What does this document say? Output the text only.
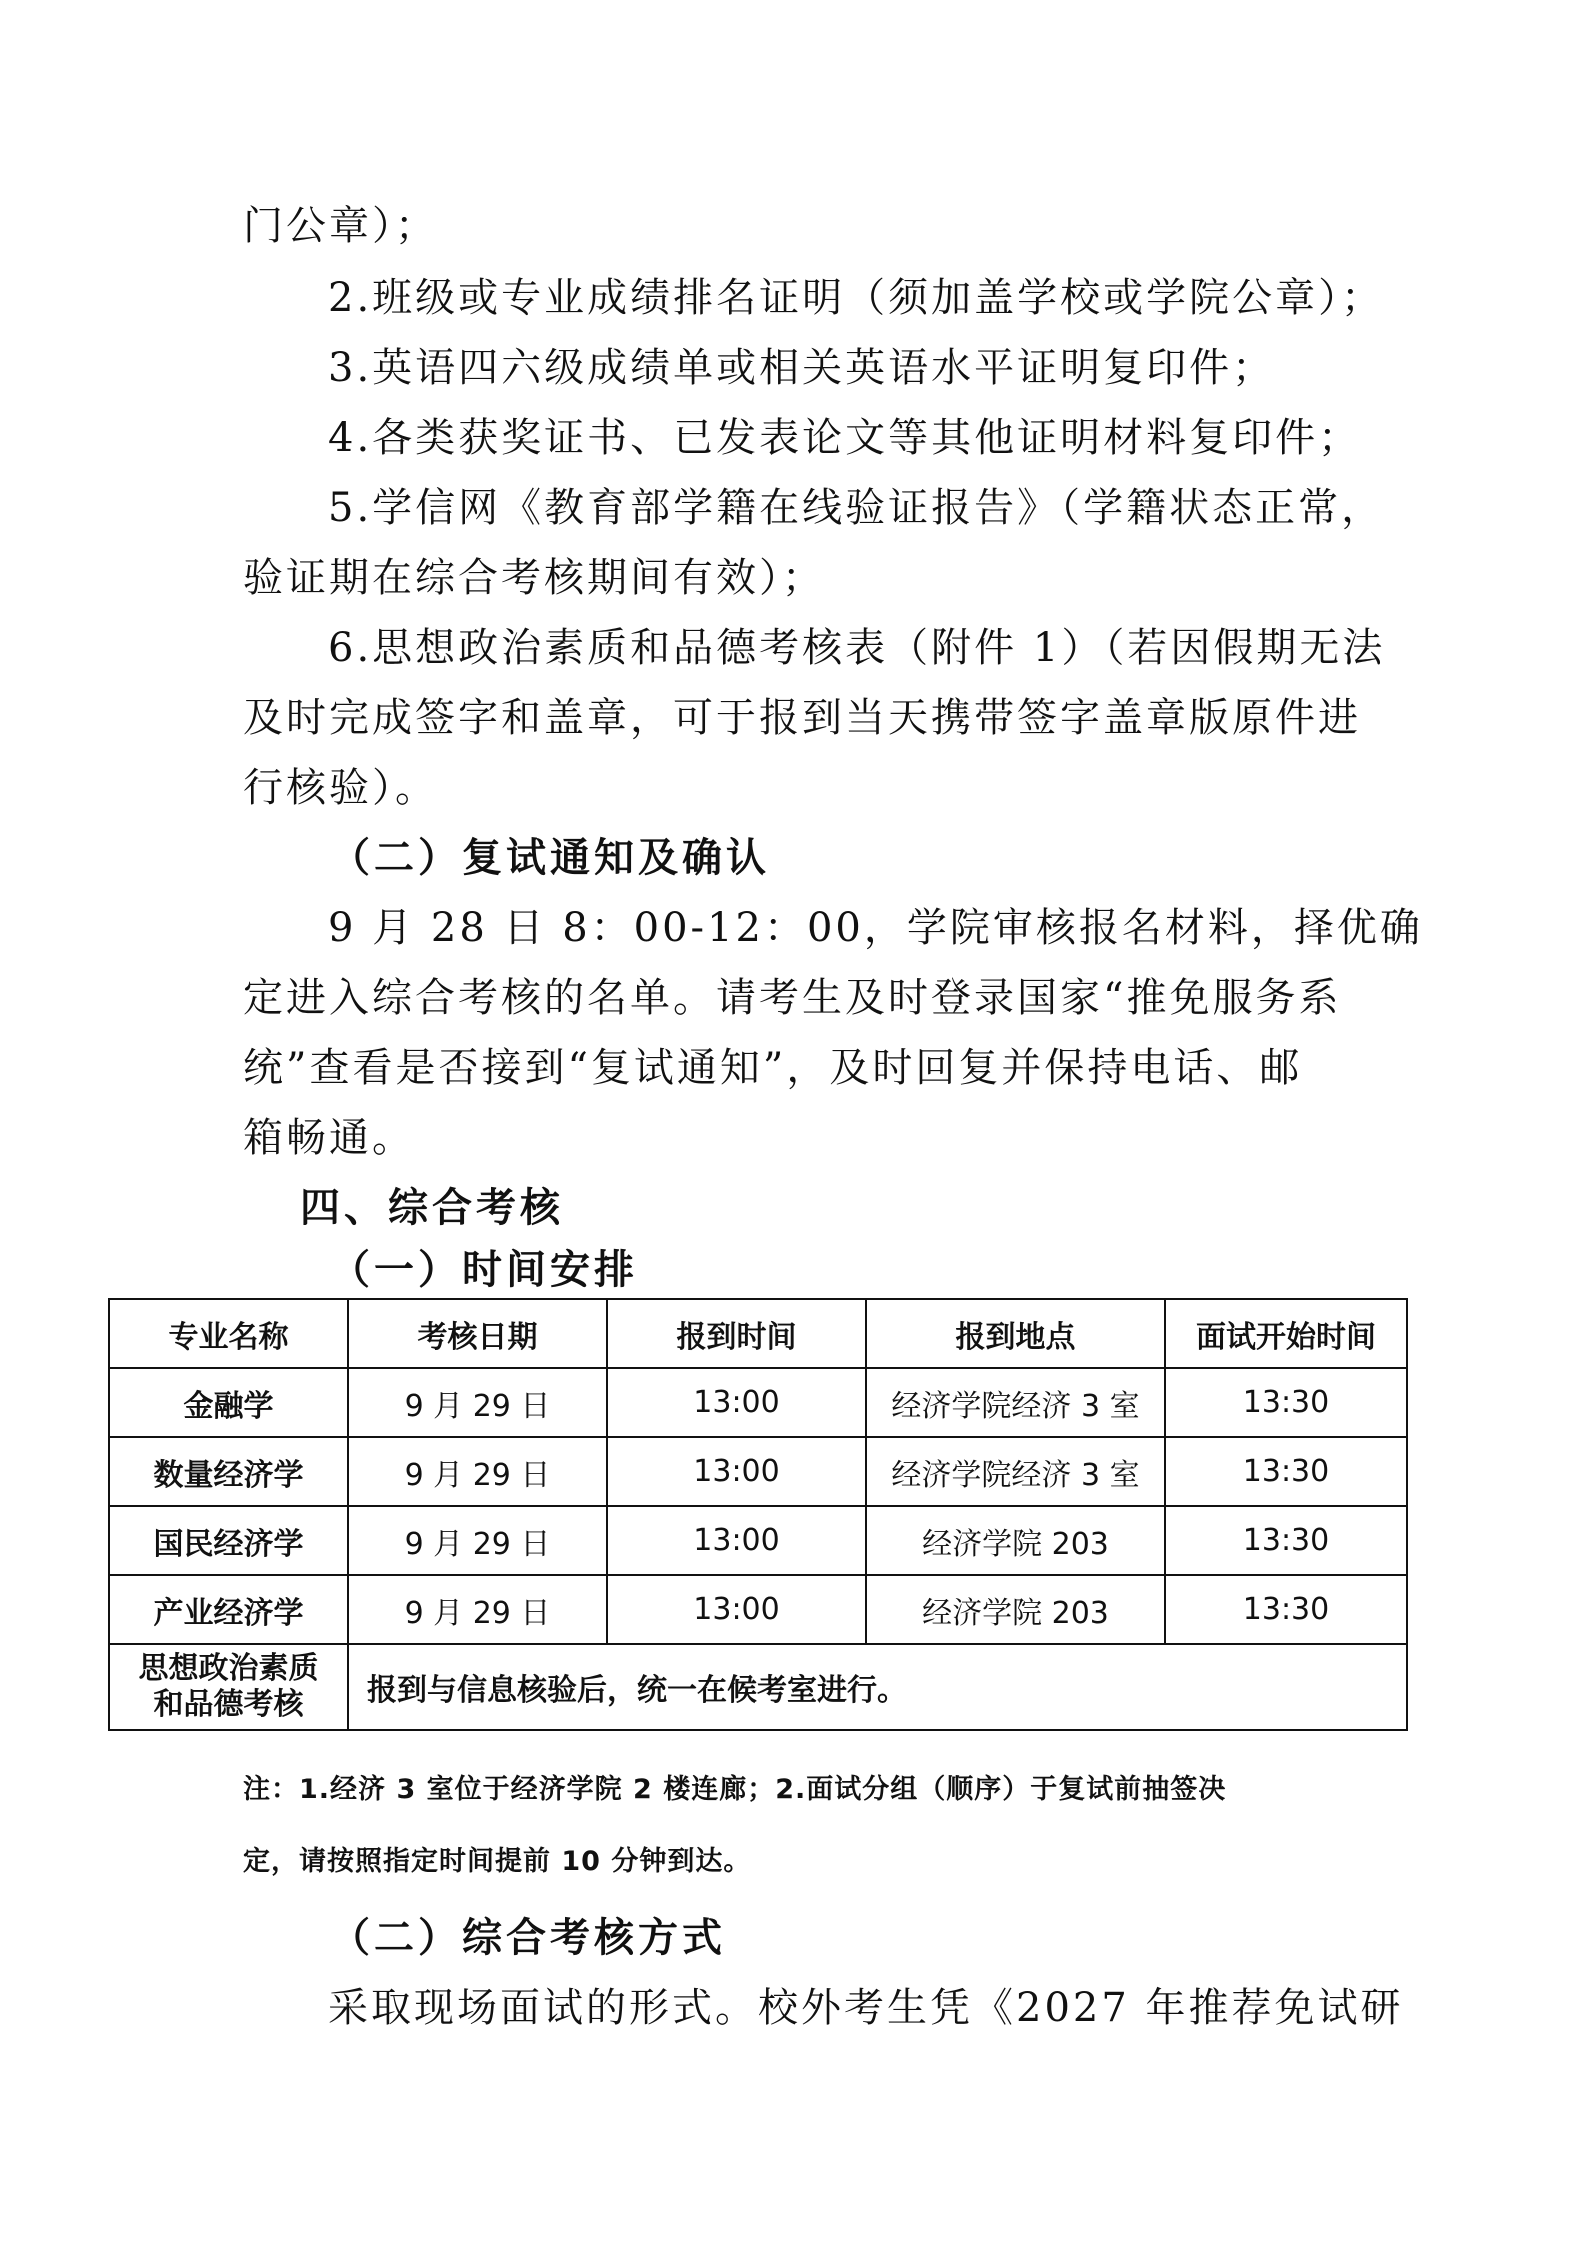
门公章）；
2.班级或专业成绩排名证明（须加盖学校或学院公章）；
3.英语四六级成绩单或相关英语水平证明复印件；
4.各类获奖证书、已发表论文等其他证明材料复印件；
5.学信网《教育部学籍在线验证报告》（学籍状态正常，
验证期在综合考核期间有效）；
6.思想政治素质和品德考核表（附件 1）（若因假期无法
及时完成签字和盖章，可于报到当天携带签字盖章版原件进
行核验）。
（二）复试通知及确认
9 月 28 日 8：00-12：00，学院审核报名材料，择优确
定进入综合考核的名单。请考生及时登录国家“推免服务系
统”查看是否接到“复试通知”，及时回复并保持电话、邮
箱畅通。
四、综合考核
（一）时间安排
专业名称	考核日期	报到时间	报到地点	面试开始时间
金融学	9 月 29 日	13:00	经济学院经济 3 室	13:30
数量经济学	9 月 29 日	13:00	经济学院经济 3 室	13:30
国民经济学	9 月 29 日	13:00	经济学院 203	13:30
产业经济学	9 月 29 日	13:00	经济学院 203	13:30
思想政治素质
和品德考核	报到与信息核验后，统一在候考室进行。			
注：1.经济 3 室位于经济学院 2 楼连廊；2.面试分组（顺序）于复试前抽签决
定，请按照指定时间提前 10 分钟到达。
（二）综合考核方式
采取现场面试的形式。校外考生凭《2027 年推荐免试研
